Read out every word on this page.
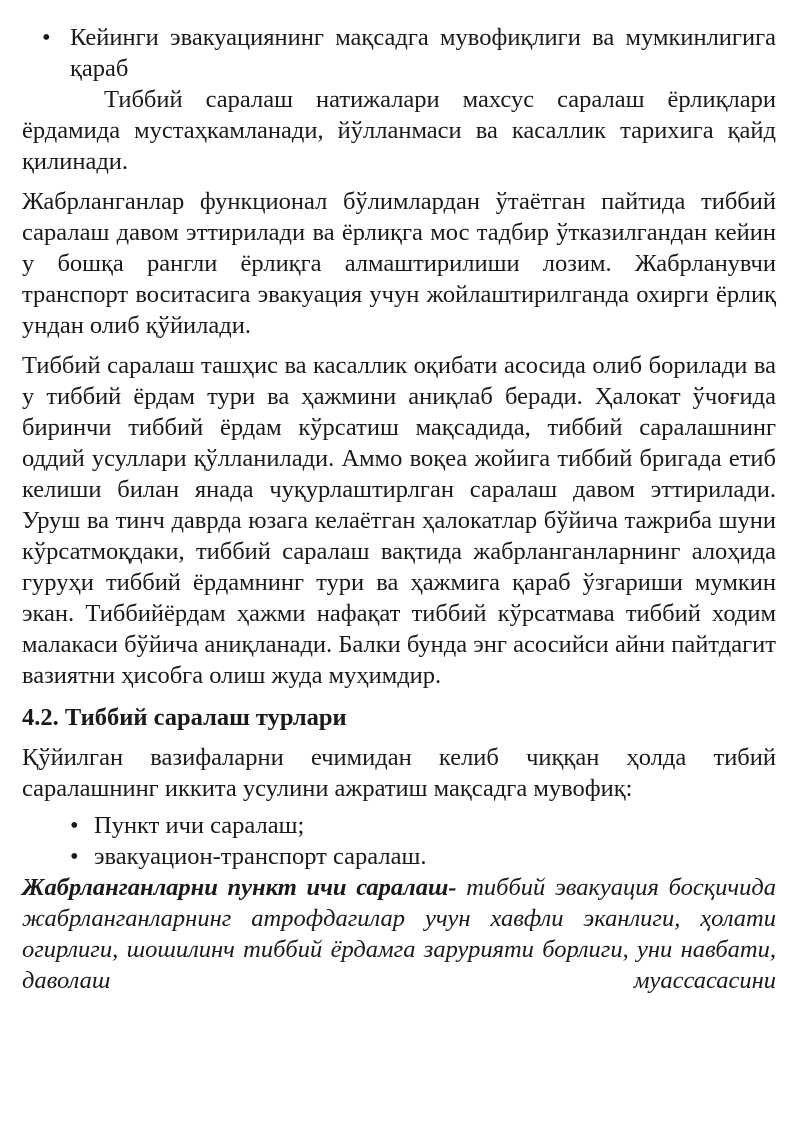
• Кейинги эвакуациянинг мақсадга мувофиқлиги ва мумкинлигига қараб

Тиббий саралаш натижалари махсус саралаш ёрлиқлари ёрдамида мустаҳкамланади, йўлланмаси ва касаллик тарихига қайд қилинади.

Жабрланганлар функционал бўлимлардан ўтаётган пайтида тиббий саралаш давом эттирилади ва ёрлиқга мос тадбир ўтказилгандан кейин у бошқа рангли ёрлиқга алмаштирилиши лозим. Жабрланувчи транспорт воситасига эвакуация учун жойлаштирилганда охирги ёрлиқ ундан олиб қўйилади.

Тиббий саралаш ташҳис ва касаллик оқибати асосида олиб борилади ва у тиббий ёрдам тури ва ҳажмини аниқлаб беради. Ҳалокат ўчоғида биринчи тиббий ёрдам кўрсатиш мақсадида, тиббий саралашнинг оддий усуллари қўлланилади. Аммо воқеа жойига тиббий бригада етиб келиши билан янада чуқурлаштирлган саралаш давом эттирилади. Уруш ва тинч даврда юзага келаётган ҳалокатлар бўйича тажриба шуни кўрсатмоқдаки, тиббий саралаш вақтида жабрланганларнинг алоҳида гуруҳи тиббий ёрдамнинг тури ва ҳажмига қараб ўзгариши мумкин экан. Тиббийёрдам ҳажми нафақат тиббий кўрсатмава тиббий ходим малакаси бўйича аниқланади. Балки бунда энг асосийси айни пайтдагит вазиятни ҳисобга олиш жуда муҳимдир.

4.2. Тиббий саралаш турлари

Қўйилган вазифаларни ечимидан келиб чиққан ҳолда тибий саралашнинг иккита усулини ажратиш мақсадга мувофиқ:

• Пункт ичи саралаш;
• эвакуацион-транспорт саралаш.

Жабрланганларни пункт ичи саралаш- тиббий эвакуация босқичида жабрланганларнинг атрофдагилар учун хавфли эканлиги, ҳолати огирлиги, шошилинч тиббий ёрдамга зарурияти борлиги, уни навбати, даволаш муассасасини
